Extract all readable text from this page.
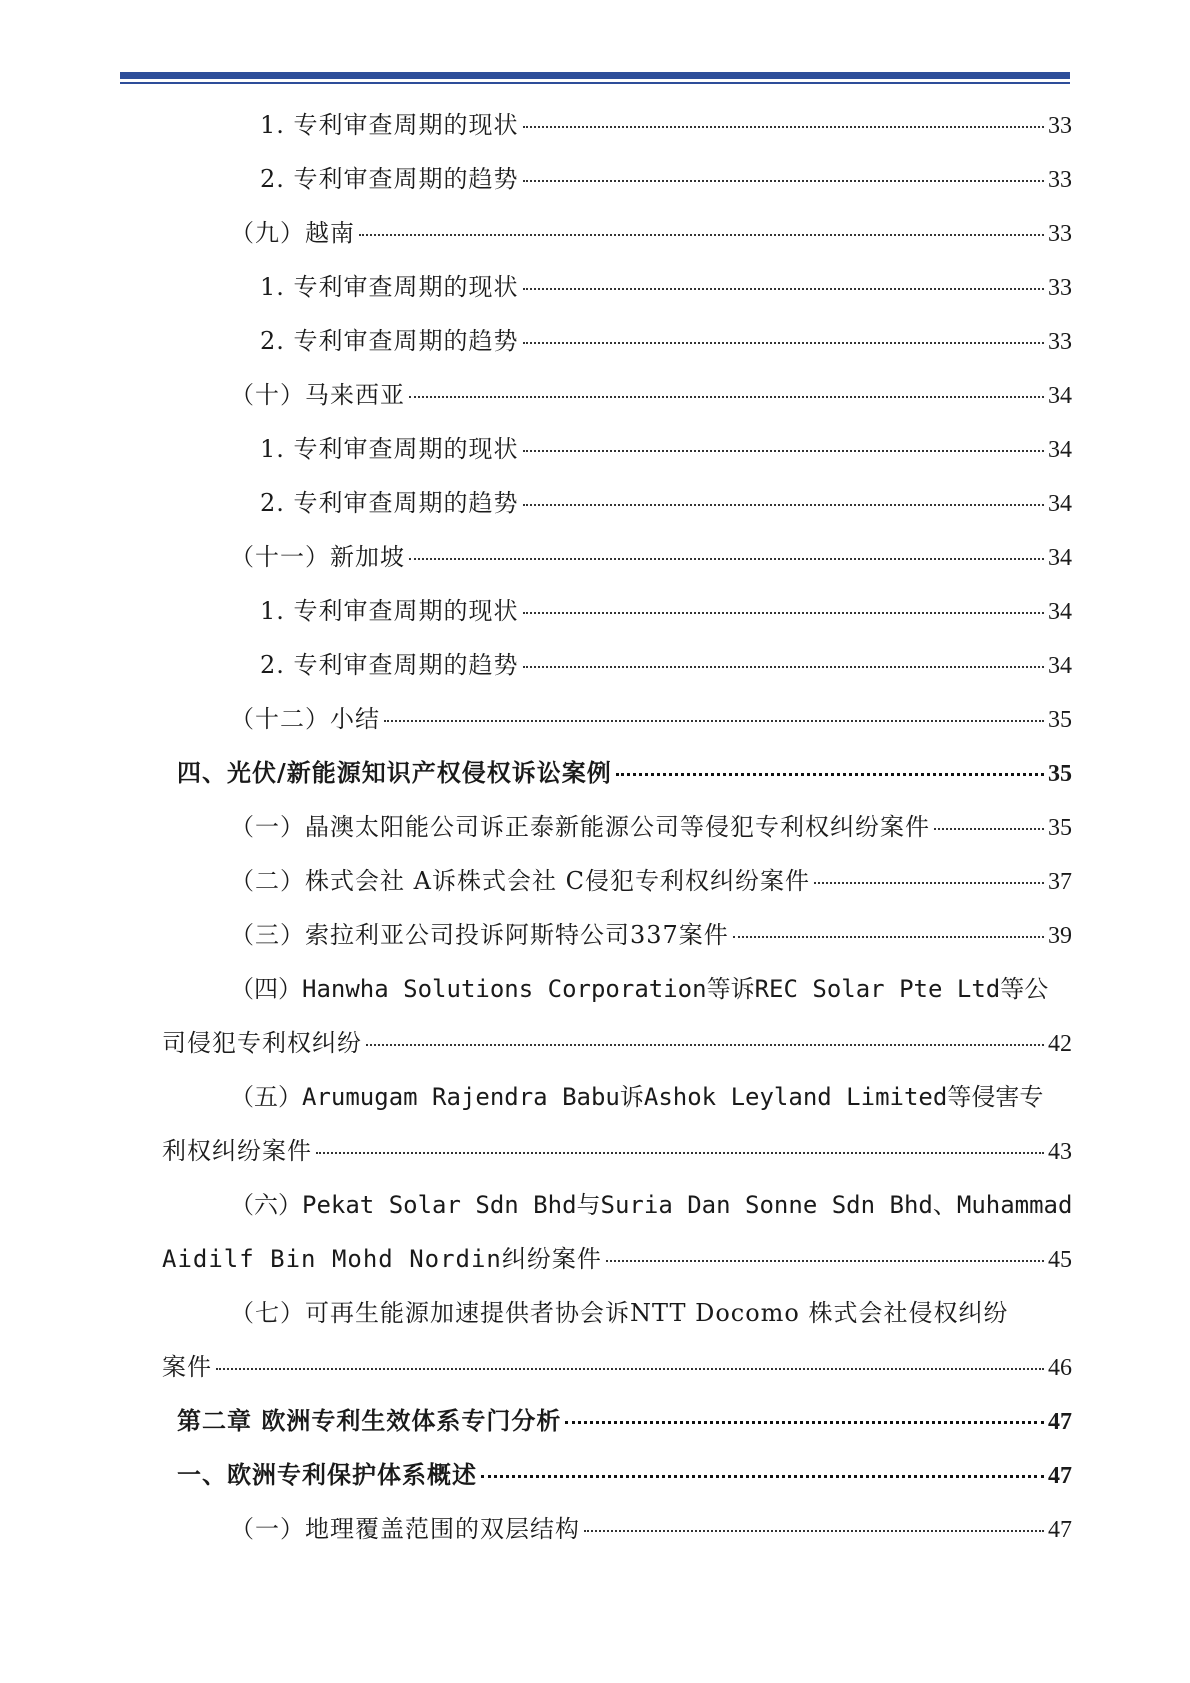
1. 专利审查周期的现状	33
2. 专利审查周期的趋势	33
（九）越南	33
1. 专利审查周期的现状	33
2. 专利审查周期的趋势	33
（十）马来西亚	34
1. 专利审查周期的现状	34
2. 专利审查周期的趋势	34
（十一）新加坡	34
1. 专利审查周期的现状	34
2. 专利审查周期的趋势	34
（十二）小结	35
四、光伏/新能源知识产权侵权诉讼案例	35
（一）晶澳太阳能公司诉正泰新能源公司等侵犯专利权纠纷案件	35
（二）株式会社 A诉株式会社 C侵犯专利权纠纷案件	37
（三）索拉利亚公司投诉阿斯特公司337案件	39
（四）Hanwha Solutions Corporation等诉REC Solar Pte Ltd等公
司侵犯专利权纠纷	42
（五）Arumugam Rajendra Babu诉Ashok Leyland Limited等侵害专
利权纠纷案件	43
（六）Pekat Solar Sdn Bhd与Suria Dan Sonne Sdn Bhd、Muhammad
Aidilf Bin Mohd Nordin纠纷案件	45
（七）可再生能源加速提供者协会诉NTT Docomo 株式会社侵权纠纷
案件	46
第二章 欧洲专利生效体系专门分析	47
一、欧洲专利保护体系概述	47
（一）地理覆盖范围的双层结构	47
